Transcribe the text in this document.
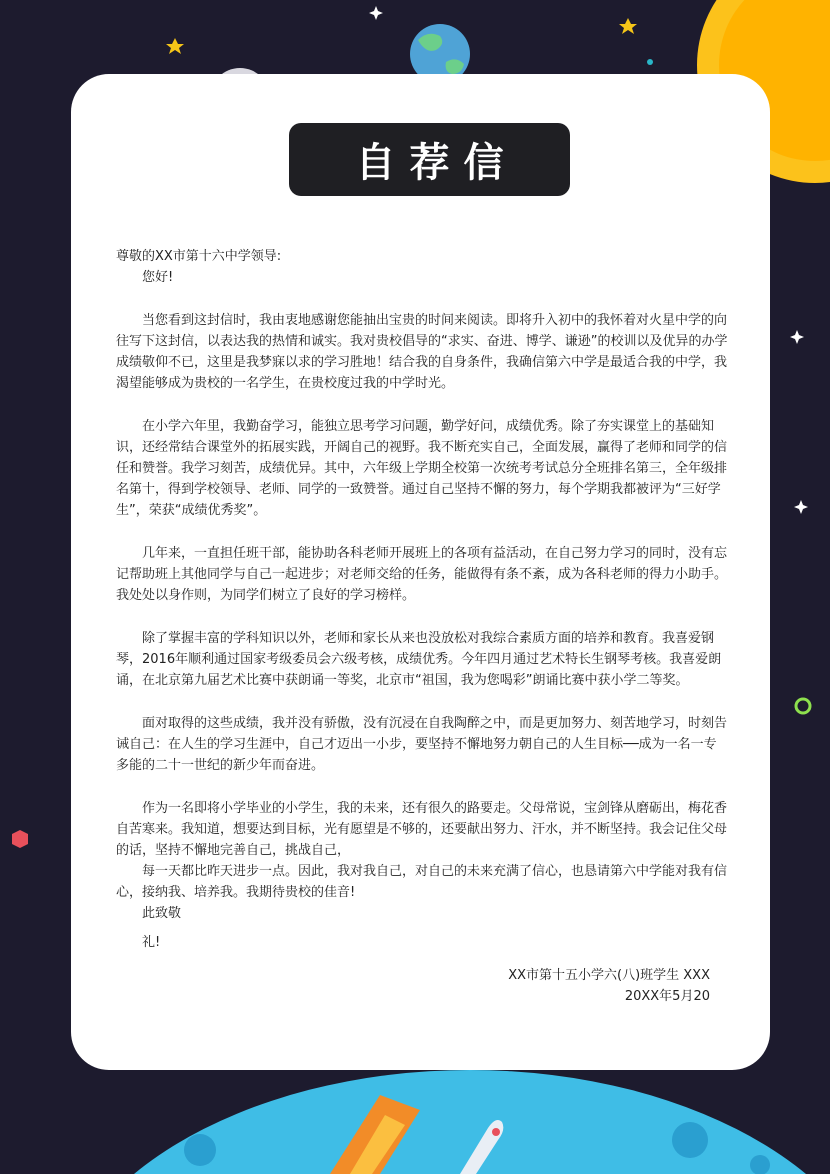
自荐信

尊敬的XX市第十六中学领导:

您好!

当您看到这封信时，我由衷地感谢您能抽出宝贵的时间来阅读。即将升入初中的我怀着对火星中学的向往写下这封信，以表达我的热情和诚实。我对贵校倡导的“求实、奋进、博学、谦逊”的校训以及优异的办学成绩敬仰不已，这里是我梦寐以求的学习胜地！结合我的自身条件，我确信第六中学是最适合我的中学，我渴望能够成为贵校的一名学生，在贵校度过我的中学时光。

在小学六年里，我勤奋学习，能独立思考学习问题，勤学好问，成绩优秀。除了夯实课堂上的基础知识，还经常结合课堂外的拓展实践，开阔自己的视野。我不断充实自己，全面发展，赢得了老师和同学的信任和赞誉。我学习刻苦，成绩优异。其中，六年级上学期全校第一次统考考试总分全班排名第三，全年级排名第十，得到学校领导、老师、同学的一致赞誉。通过自己坚持不懈的努力，每个学期我都被评为“三好学生”，荣获“成绩优秀奖”。

几年来，一直担任班干部，能协助各科老师开展班上的各项有益活动，在自己努力学习的同时，没有忘记帮助班上其他同学与自己一起进步；对老师交给的任务，能做得有条不紊，成为各科老师的得力小助手。我处处以身作则，为同学们树立了良好的学习榜样。

除了掌握丰富的学科知识以外，老师和家长从来也没放松对我综合素质方面的培养和教育。我喜爱钢琴，2016年顺利通过国家考级委员会六级考核，成绩优秀。今年四月通过艺术特长生钢琴考核。我喜爱朗诵，在北京第九届艺术比赛中获朗诵一等奖，北京市“祖国，我为您喝彩”朗诵比赛中获小学二等奖。

面对取得的这些成绩，我并没有骄傲，没有沉浸在自我陶醉之中，而是更加努力、刻苦地学习，时刻告诫自己：在人生的学习生涯中，自己才迈出一小步，要坚持不懈地努力朝自己的人生目标──成为一名一专多能的二十一世纪的新少年而奋进。

作为一名即将小学毕业的小学生，我的未来，还有很久的路要走。父母常说，宝剑锋从磨砺出，梅花香自苦寒来。我知道，想要达到目标，光有愿望是不够的，还要献出努力、汗水，并不断坚持。我会记住父母的话，坚持不懈地完善自己，挑战自己，

每一天都比昨天进步一点。因此，我对我自己，对自己的未来充满了信心，也恳请第六中学能对我有信心，接纳我、培养我。我期待贵校的佳音!

此致敬

礼!

XX市第十五小学六(八)班学生 XXX

20XX年5月20
